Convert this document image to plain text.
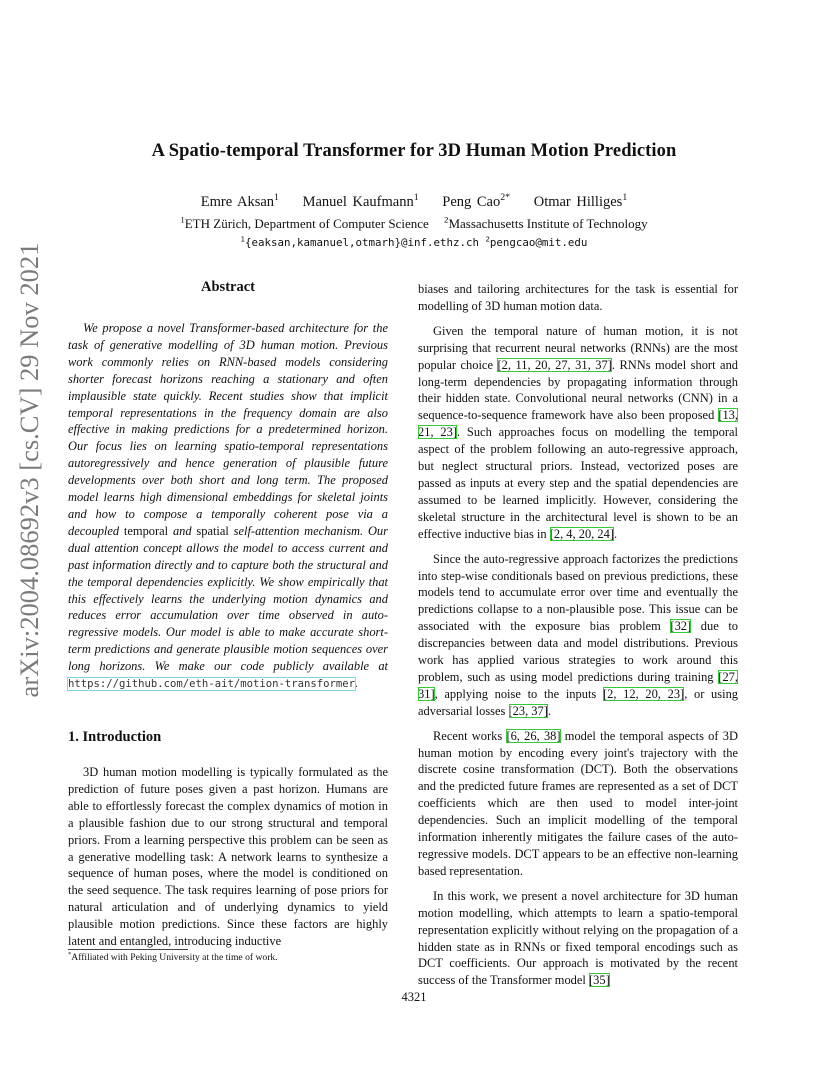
arXiv:2004.08692v3 [cs.CV] 29 Nov 2021
A Spatio-temporal Transformer for 3D Human Motion Prediction
Emre Aksan$^1$ Manuel Kaufmann$^1$ Peng Cao$^{2*}$ Otmar Hilliges$^1$
$^1$ETH Zürich, Department of Computer Science $^2$Massachusetts Institute of Technology
$^1${eaksan,kamanuel,otmarh}@inf.ethz.ch $^2$pengcao@mit.edu
Abstract

We propose a novel Transformer-based architecture for the task of generative modelling of 3D human motion. Previous work commonly relies on RNN-based models considering shorter forecast horizons reaching a stationary and often implausible state quickly. Recent studies show that implicit temporal representations in the frequency domain are also effective in making predictions for a predetermined horizon. Our focus lies on learning spatio-temporal representations autoregressively and hence generation of plausible future developments over both short and long term. The proposed model learns high dimensional embeddings for skeletal joints and how to compose a temporally coherent pose via a decoupled temporal and spatial self-attention mechanism. Our dual attention concept allows the model to access current and past information directly and to capture both the structural and the temporal dependencies explicitly. We show empirically that this effectively learns the underlying motion dynamics and reduces error accumulation over time observed in auto-regressive models. Our model is able to make accurate short-term predictions and generate plausible motion sequences over long horizons. We make our code publicly available at https://github.com/eth-ait/motion-transformer.

1. Introduction

3D human motion modelling is typically formulated as the prediction of future poses given a past horizon. Humans are able to effortlessly forecast the complex dynamics of motion in a plausible fashion due to our strong structural and temporal priors. From a learning perspective this problem can be seen as a generative modelling task: A network learns to synthesize a sequence of human poses, where the model is conditioned on the seed sequence. The task requires learning of pose priors for natural articulation and of underlying dynamics to yield plausible motion predictions. Since these factors are highly latent and entangled, introducing inductive

biases and tailoring architectures for the task is essential for modelling of 3D human motion data.

Given the temporal nature of human motion, it is not surprising that recurrent neural networks (RNNs) are the most popular choice [2, 11, 20, 27, 31, 37]. RNNs model short and long-term dependencies by propagating information through their hidden state. Convolutional neural networks (CNN) in a sequence-to-sequence framework have also been proposed [13, 21, 23]. Such approaches focus on modelling the temporal aspect of the problem following an auto-regressive approach, but neglect structural priors. Instead, vectorized poses are passed as inputs at every step and the spatial dependencies are assumed to be learned implicitly. However, considering the skeletal structure in the architectural level is shown to be an effective inductive bias in [2, 4, 20, 24].

Since the auto-regressive approach factorizes the predictions into step-wise conditionals based on previous predictions, these models tend to accumulate error over time and eventually the predictions collapse to a non-plausible pose. This issue can be associated with the exposure bias problem [32] due to discrepancies between data and model distributions. Previous work has applied various strategies to work around this problem, such as using model predictions during training [27, 31], applying noise to the inputs [2, 12, 20, 23], or using adversarial losses [23, 37].

Recent works [6, 26, 38] model the temporal aspects of 3D human motion by encoding every joint's trajectory with the discrete cosine transformation (DCT). Both the observations and the predicted future frames are represented as a set of DCT coefficients which are then used to model inter-joint dependencies. Such an implicit modelling of the temporal information inherently mitigates the failure cases of the auto-regressive models. DCT appears to be an effective non-learning based representation.

In this work, we present a novel architecture for 3D human motion modelling, which attempts to learn a spatio-temporal representation explicitly without relying on the propagation of a hidden state as in RNNs or fixed temporal encodings such as DCT coefficients. Our approach is motivated by the recent success of the Transformer model [35]

*Affiliated with Peking University at the time of work.
4321
